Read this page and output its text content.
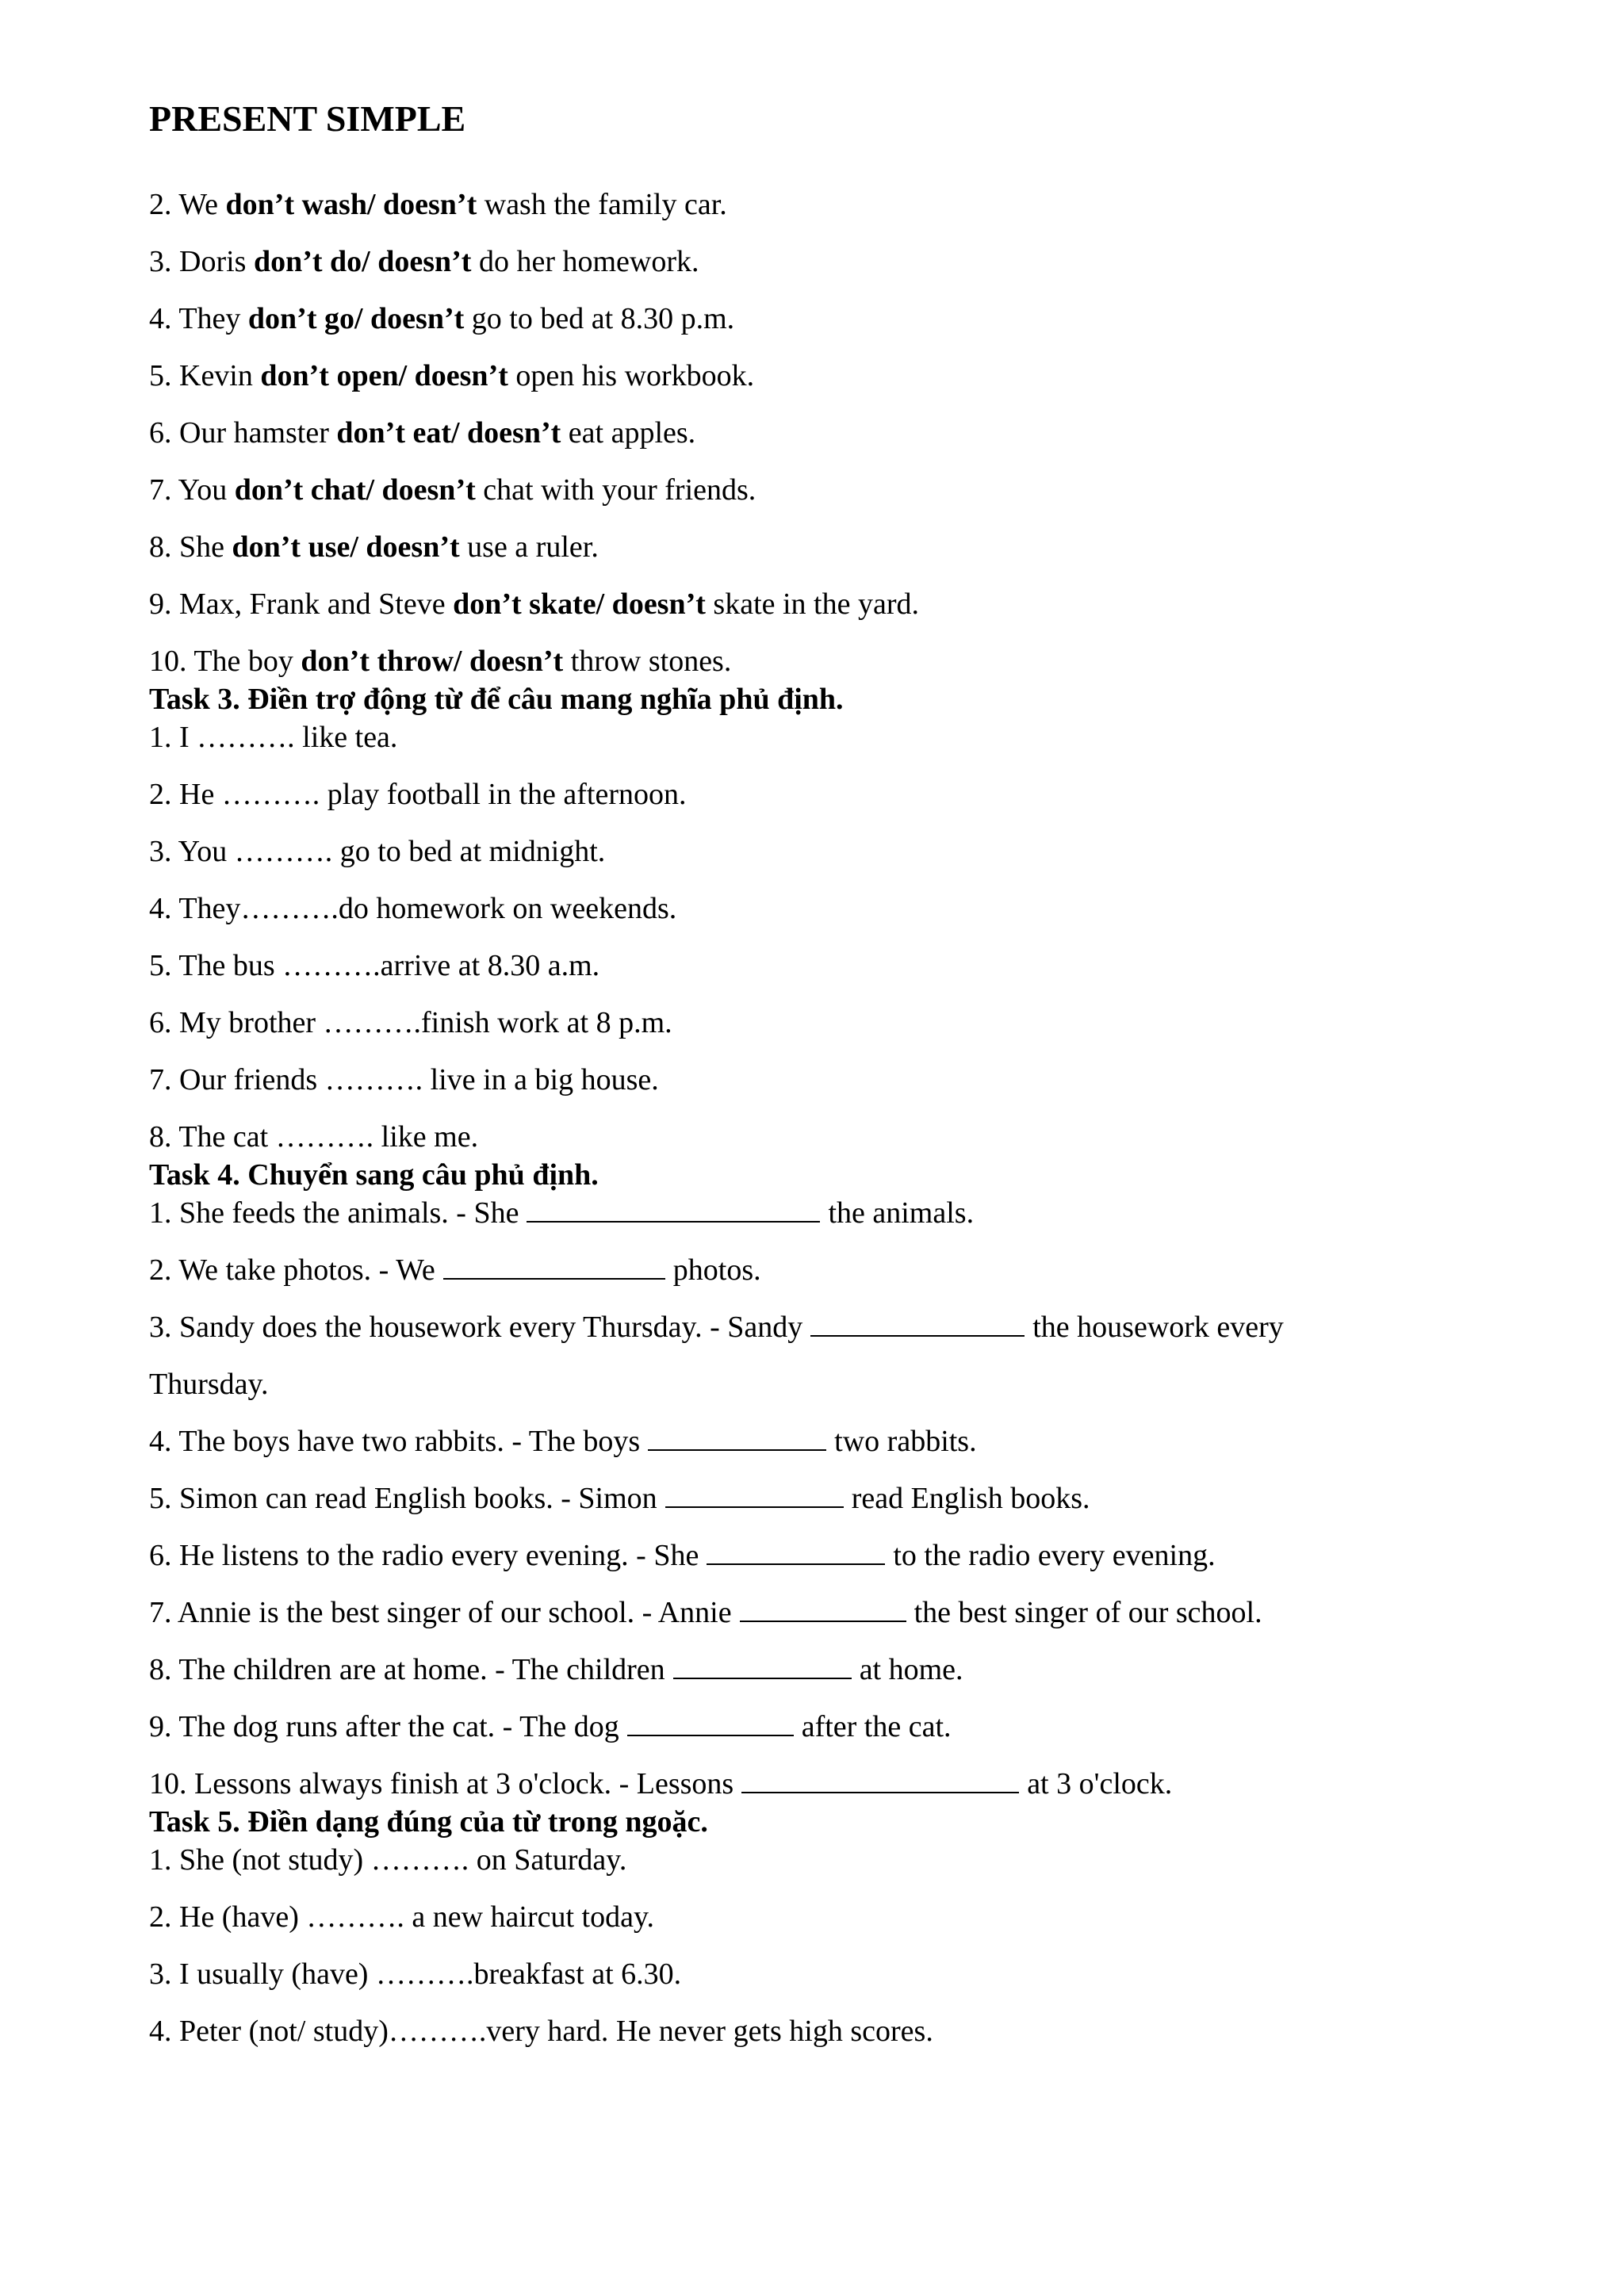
PRESENT SIMPLE
2. We don’t wash/ doesn’t wash the family car.
3. Doris don’t do/ doesn’t do her homework.
4. They don’t go/ doesn’t go to bed at 8.30 p.m.
5. Kevin don’t open/ doesn’t open his workbook.
6. Our hamster don’t eat/ doesn’t eat apples.
7. You don’t chat/ doesn’t chat with your friends.
8. She don’t use/ doesn’t use a ruler.
9. Max, Frank and Steve don’t skate/ doesn’t skate in the yard.
10. The boy don’t throw/ doesn’t throw stones.
Task 3. Điền trợ động từ để câu mang nghĩa phủ định.
1. I ………. like tea.
2. He ………. play football in the afternoon.
3. You ………. go to bed at midnight.
4. They……….do homework on weekends.
5. The bus ……….arrive at 8.30 a.m.
6. My brother ……….finish work at 8 p.m.
7. Our friends ………. live in a big house.
8. The cat ………. like me.
Task 4. Chuyển sang câu phủ định.
1. She feeds the animals. - She	the animals.
2. We take photos. - We	photos.
3. Sandy does the housework every Thursday. - Sandy	the housework every
Thursday.
4. The boys have two rabbits. - The boys	two rabbits.
5. Simon can read English books. - Simon	read English books.
6. He listens to the radio every evening. - She	to the radio every evening.
7. Annie is the best singer of our school. - Annie	the best singer of our school.
8. The children are at home. - The children	at home.
9. The dog runs after the cat. - The dog	after the cat.
10. Lessons always finish at 3 o'clock. - Lessons	at 3 o'clock.
Task 5. Điền dạng đúng của từ trong ngoặc.
1. She (not study) ………. on Saturday.
2. He (have) ………. a new haircut today.
3. I usually (have) ……….breakfast at 6.30.
4. Peter (not/ study)……….very hard. He never gets high scores.
